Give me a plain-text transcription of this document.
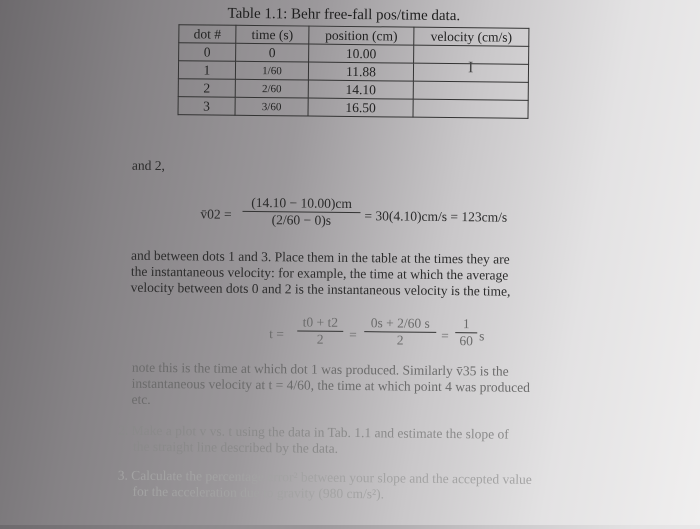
Table 1.1: Behr free-fall pos/time data.
dot #	time (s)	position (cm)	velocity (cm/s)
0	0	10.00	
1	1/60	11.88	
2	2/60	14.10	
3	3/60	16.50	
I
and 2,
v̄02 = $\frac{(14.10 - 10.00)cm}{(2/60 - 0)s} = 30(4.10)cm/s = 123cm/s$
and between dots 1 and 3. Place them in the table at the times they are
the instantaneous velocity: for example, the time at which the average
velocity between dots 0 and 2 is the instantaneous velocity is the time,
$t = \frac{t0 + t2}{2} = \frac{0s + 2/60 s}{2} = \frac{1}{60}$ s
note this is the time at which dot 1 was produced. Similarly v̄35 is the
instantaneous velocity at t = 4/60, the time at which point 4 was produced
etc.
2. Make a plot v vs. t using the data in Tab. 1.1 and estimate the slope of
the straight line described by the data.
3. Calculate the percentage error² between your slope and the accepted value
for the acceleration due to gravity (980 cm/s²).
